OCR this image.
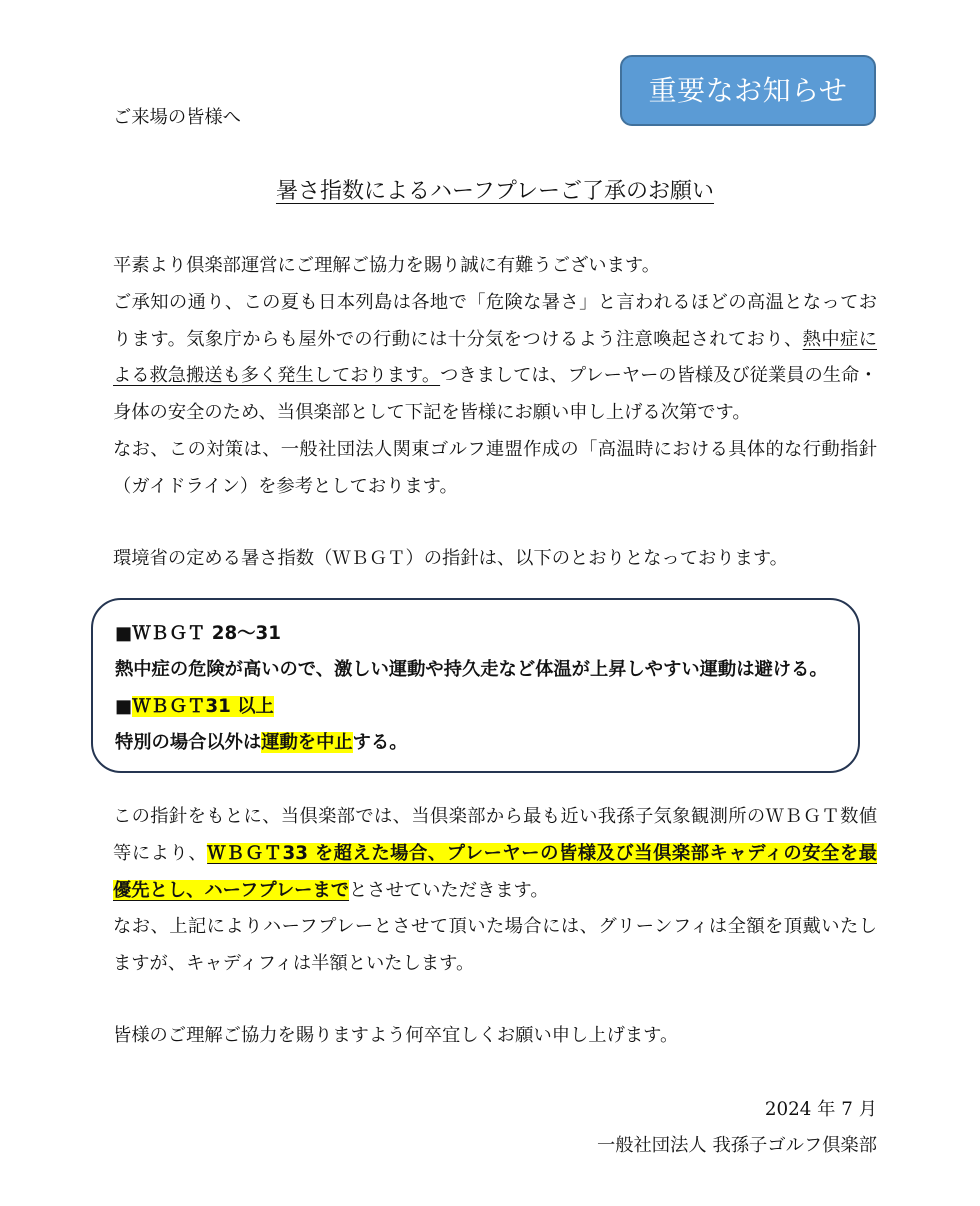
重要なお知らせ
ご来場の皆様へ
暑さ指数によるハーフプレーご了承のお願い
平素より倶楽部運営にご理解ご協力を賜り誠に有難うございます。
ご承知の通り、この夏も日本列島は各地で「危険な暑さ」と言われるほどの高温となってお
ります。気象庁からも屋外での行動には十分気をつけるよう注意喚起されており、熱中症に
よる救急搬送も多く発生しております。つきましては、プレーヤーの皆様及び従業員の生命・
身体の安全のため、当倶楽部として下記を皆様にお願い申し上げる次第です。
なお、この対策は、一般社団法人関東ゴルフ連盟作成の「高温時における具体的な行動指針
（ガイドライン）を参考としております。
環境省の定める暑さ指数（ＷＢＧＴ）の指針は、以下のとおりとなっております。
■ＷＢＧＴ 28～31
熱中症の危険が高いので、激しい運動や持久走など体温が上昇しやすい運動は避ける。
■ＷＢＧＴ31 以上
特別の場合以外は運動を中止する。
この指針をもとに、当倶楽部では、当倶楽部から最も近い我孫子気象観測所のＷＢＧＴ数値
等により、ＷＢＧＴ33 を超えた場合、プレーヤーの皆様及び当倶楽部キャディの安全を最
優先とし、ハーフプレーまでとさせていただきます。
なお、上記によりハーフプレーとさせて頂いた場合には、グリーンフィは全額を頂戴いたし
ますが、キャディフィは半額といたします。
皆様のご理解ご協力を賜りますよう何卒宜しくお願い申し上げます。
2024 年 7 月
一般社団法人 我孫子ゴルフ倶楽部
